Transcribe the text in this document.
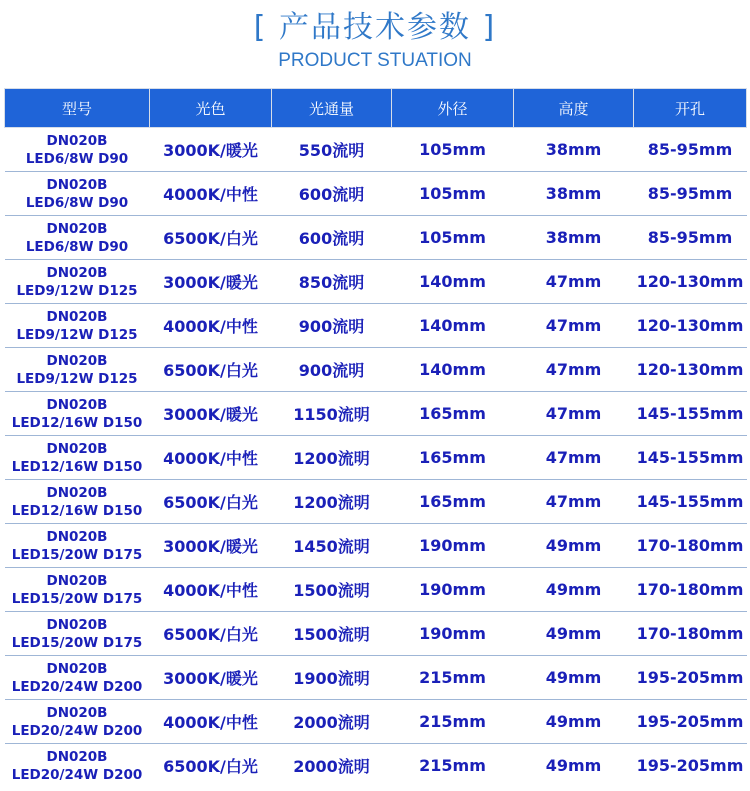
[ 产品技术参数 ]
PRODUCT STUATION
型号	光色	光通量	外径	高度	开孔

DN020B
LED6/8W D90	3000K/暖光	550流明	105mm	38mm	85-95mm

DN020B
LED6/8W D90	4000K/中性	600流明	105mm	38mm	85-95mm

DN020B
LED6/8W D90	6500K/白光	600流明	105mm	38mm	85-95mm

DN020B
LED9/12W D125	3000K/暖光	850流明	140mm	47mm	120-130mm

DN020B
LED9/12W D125	4000K/中性	900流明	140mm	47mm	120-130mm

DN020B
LED9/12W D125	6500K/白光	900流明	140mm	47mm	120-130mm

DN020B
LED12/16W D150	3000K/暖光	1150流明	165mm	47mm	145-155mm

DN020B
LED12/16W D150	4000K/中性	1200流明	165mm	47mm	145-155mm

DN020B
LED12/16W D150	6500K/白光	1200流明	165mm	47mm	145-155mm

DN020B
LED15/20W D175	3000K/暖光	1450流明	190mm	49mm	170-180mm

DN020B
LED15/20W D175	4000K/中性	1500流明	190mm	49mm	170-180mm

DN020B
LED15/20W D175	6500K/白光	1500流明	190mm	49mm	170-180mm

DN020B
LED20/24W D200	3000K/暖光	1900流明	215mm	49mm	195-205mm

DN020B
LED20/24W D200	4000K/中性	2000流明	215mm	49mm	195-205mm

DN020B
LED20/24W D200	6500K/白光	2000流明	215mm	49mm	195-205mm
